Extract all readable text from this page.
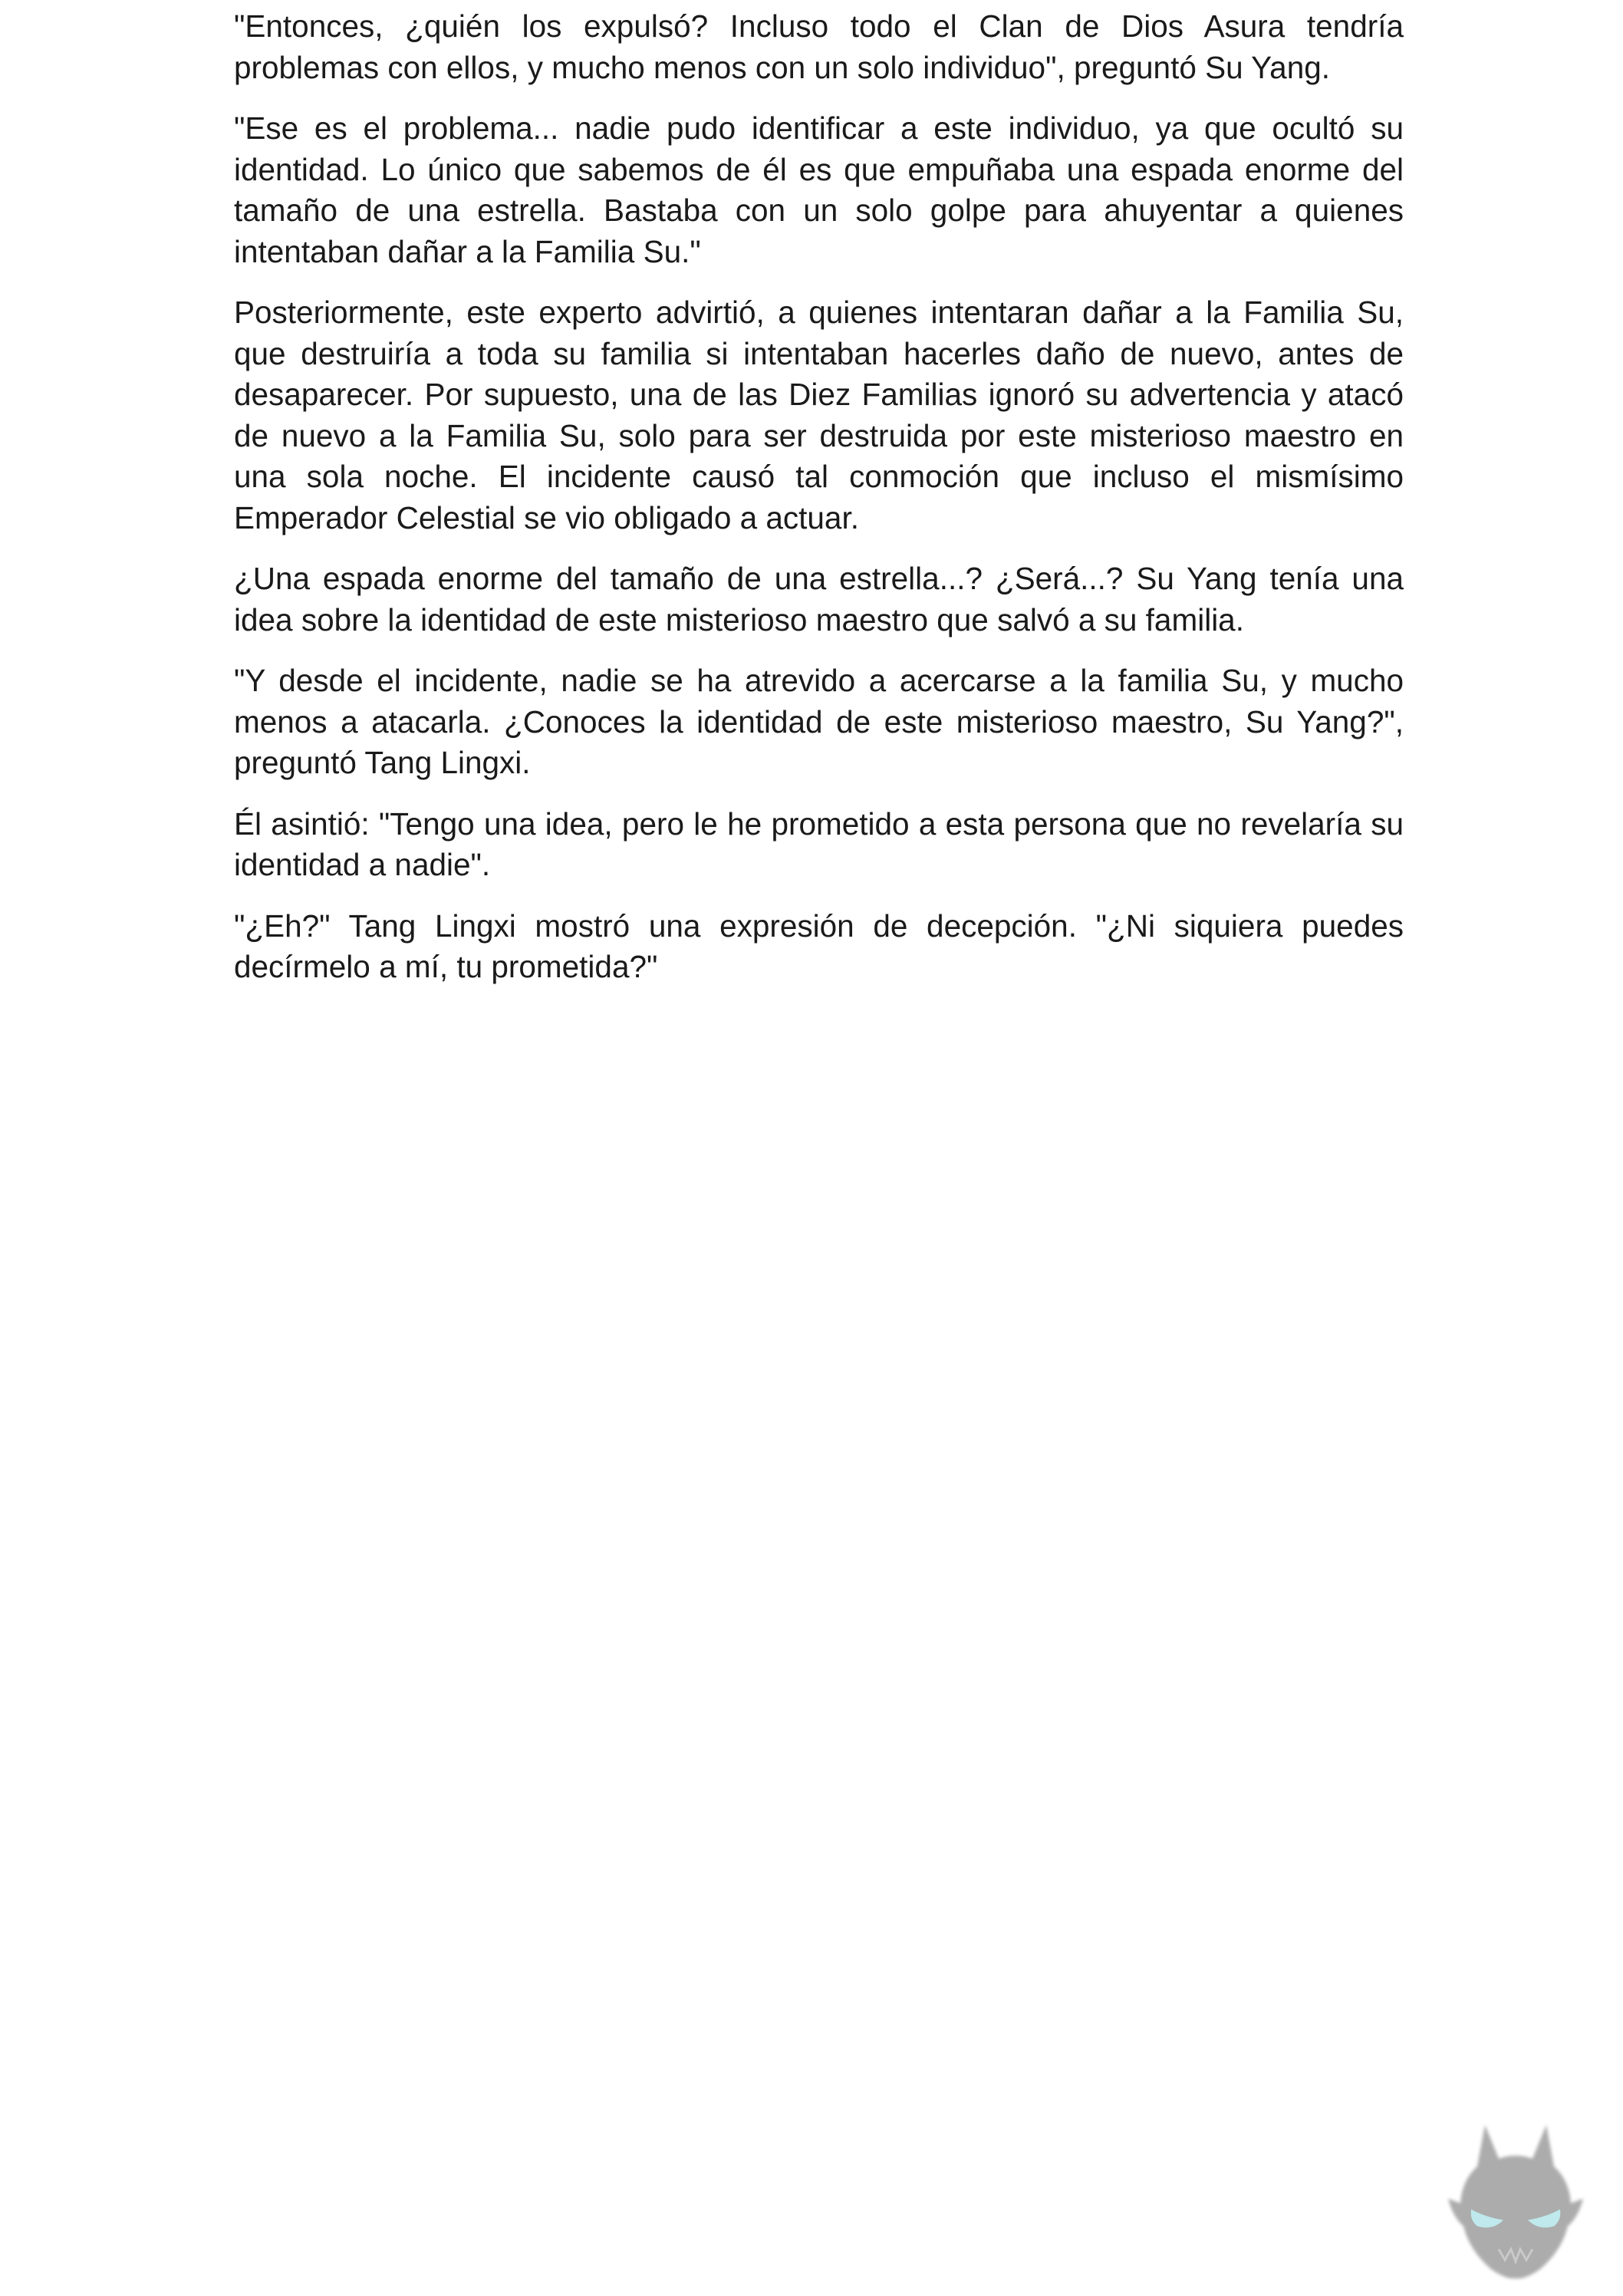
"Entonces, ¿quién los expulsó? Incluso todo el Clan de Dios Asura tendría problemas con ellos, y mucho menos con un solo individuo", preguntó Su Yang.

"Ese es el problema... nadie pudo identificar a este individuo, ya que ocultó su identidad. Lo único que sabemos de él es que empuñaba una espada enorme del tamaño de una estrella. Bastaba con un solo golpe para ahuyentar a quienes intentaban dañar a la Familia Su."

Posteriormente, este experto advirtió, a quienes intentaran dañar a la Familia Su, que destruiría a toda su familia si intentaban hacerles daño de nuevo, antes de desaparecer. Por supuesto, una de las Diez Familias ignoró su advertencia y atacó de nuevo a la Familia Su, solo para ser destruida por este misterioso maestro en una sola noche. El incidente causó tal conmoción que incluso el mismísimo Emperador Celestial se vio obligado a actuar.

¿Una espada enorme del tamaño de una estrella...? ¿Será...? Su Yang tenía una idea sobre la identidad de este misterioso maestro que salvó a su familia.

"Y desde el incidente, nadie se ha atrevido a acercarse a la familia Su, y mucho menos a atacarla. ¿Conoces la identidad de este misterioso maestro, Su Yang?", preguntó Tang Lingxi.

Él asintió: "Tengo una idea, pero le he prometido a esta persona que no revelaría su identidad a nadie".

"¿Eh?" Tang Lingxi mostró una expresión de decepción. "¿Ni siquiera puedes decírmelo a mí, tu prometida?"
